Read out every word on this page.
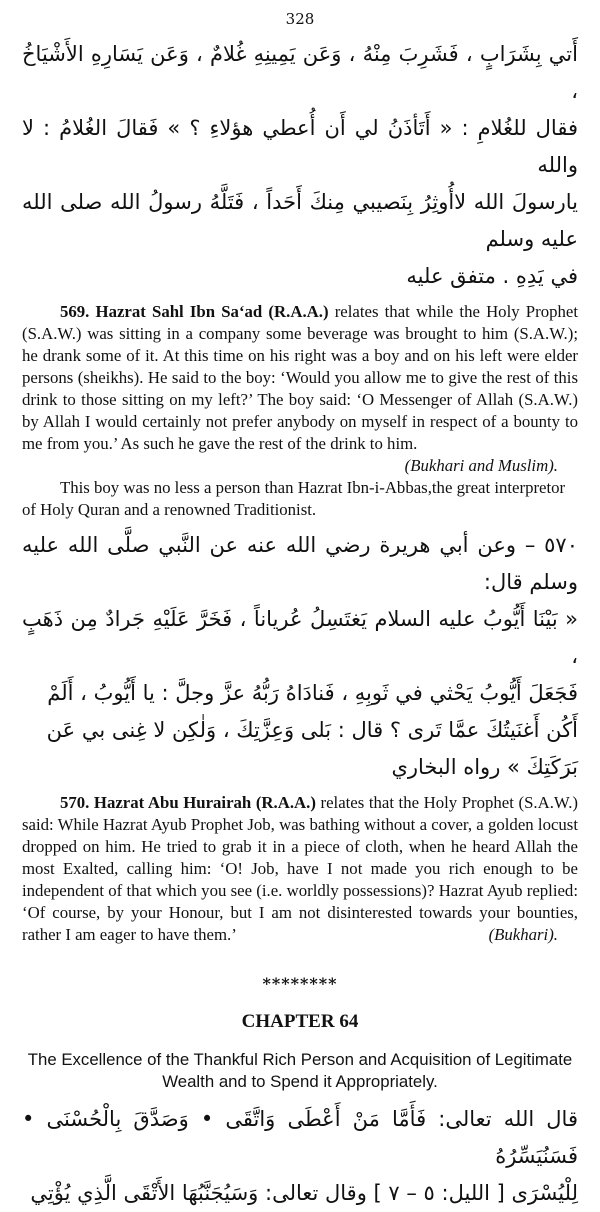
328
أَتي بِشَرَابٍ ، فَشَرِبَ مِنْهُ ، وَعَن يَمِينِهِ غُلامٌ ، وَعَن يَسَارِهِ الأَشْيَاخُ ،
فقال للغُلامِ : « أَتَأذَنُ لي أَن أُعطي هؤلاءِ ؟ » فَقالَ الغُلامُ : لا والله
يارسولَ الله لاأُوثِرُ بِنَصيبي مِنكَ أَحَداً ، فَتَلَّهُ رسولُ الله صلى الله عليه وسلم
في يَدِهِ . متفق عليه

569. Hazrat Sahl Ibn Sa‘ad (R.A.A.) relates that while the Holy Prophet (S.A.W.) was sitting in a company some beverage was brought to him (S.A.W.); he drank some of it. At this time on his right was a boy and on his left were elder persons (sheikhs). He said to the boy: ‘Would you allow me to give the rest of this drink to those sitting on my left?’ The boy said: ‘O Messenger of Allah (S.A.W.) by Allah I would certainly not prefer anybody on myself in respect of a bounty to me from you.’ As such he gave the rest of the drink to him.
(Bukhari and Muslim).

This boy was no less a person than Hazrat Ibn-i-Abbas,the great interpretor of Holy Quran and a renowned Traditionist.

٥٧٠ – وعن أبي هريرة رضي الله عنه عن النَّبي صلَّى الله عليه وسلم قال:
« بَيْنَا أَيُّوبُ عليه السلام يَغتَسِلُ عُرياناً ، فَخَرَّ عَلَيْهِ جَرادٌ مِن ذَهَبٍ ،
فَجَعَلَ أَيُّوبُ يَحْثي في ثَوبِهِ ، فَنادَاهُ رَبُّهُ عزَّ وجلَّ : يا أَيُّوبُ ، أَلَمْ
أَكُن أَغنَيتُكَ عمَّا تَرى ؟ قال : بَلى وَعِزَّتِكَ ، وَلٰكِن لا غِنى بي عَن
بَرَكَتِكَ » رواه البخاري

570. Hazrat Abu Hurairah (R.A.A.) relates that the Holy Prophet (S.A.W.) said: While Hazrat Ayub Prophet Job, was bathing without a cover, a golden locust dropped on him. He tried to grab it in a piece of cloth, when he heard Allah the most Exalted, calling him: ‘O! Job, have I not made you rich enough to be independent of that which you see (i.e. worldly possessions)? Hazrat Ayub replied: ‘Of course, by your Honour, but I am not disinterested towards your bounties, rather I am eager to have them.’	(Bukhari).

********
CHAPTER 64
The Excellence of the Thankful Rich Person and Acquisition of Legitimate Wealth and to Spend it Appropriately.
قال الله تعالى: فَأَمَّا مَنْ أَعْطَى وَاتَّقَى • وَصَدَّقَ بِالْحُسْنَى • فَسَنُيَسِّرُهُ
لِلْيُسْرَى [ الليل: ٥ – ٧ ] وقال تعالى: وَسَيُجَنَّبُهَا الأَتْقَى الَّذِي يُؤْتِي
